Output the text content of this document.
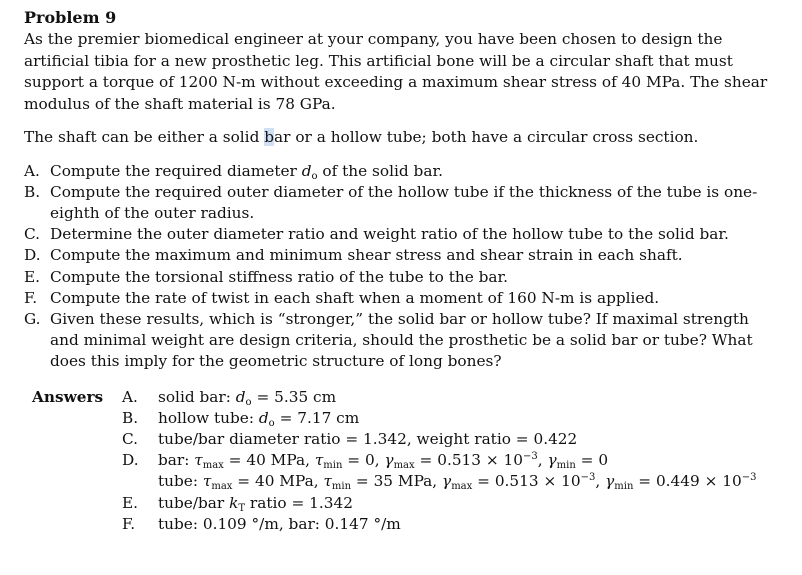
Problem 9

As the premier biomedical engineer at your company, you have been chosen to design the artificial tibia for a new prosthetic leg. This artificial bone will be a circular shaft that must support a torque of 1200 N-m without exceeding a maximum shear stress of 40 MPa. The shear modulus of the shaft material is 78 GPa.

The shaft can be either a solid bar or a hollow tube; both have a circular cross section.

A. Compute the required diameter $d_o$ of the solid bar.
B. Compute the required outer diameter of the hollow tube if the thickness of the tube is one-eighth of the outer radius.
C. Determine the outer diameter ratio and weight ratio of the hollow tube to the solid bar.
D. Compute the maximum and minimum shear stress and shear strain in each shaft.
E. Compute the torsional stiffness ratio of the tube to the bar.
F. Compute the rate of twist in each shaft when a moment of 160 N-m is applied.
G. Given these results, which is “stronger,” the solid bar or hollow tube? If maximal strength and minimal weight are design criteria, should the prosthetic be a solid bar or tube? What does this imply for the geometric structure of long bones?
Answers	A.	solid bar: $d_o = 5.35$ cm
B.	hollow tube: $d_o = 7.17$ cm
C.	tube/bar diameter ratio = 1.342, weight ratio = 0.422
D.	bar: $\tau_{max} = 40$ MPa, $\tau_{min} = 0$, $\gamma_{max} = 0.513 \times 10^{-3}$, $\gamma_{min} = 0$
tube: $\tau_{max} = 40$ MPa, $\tau_{min} = 35$ MPa, $\gamma_{max} = 0.513 \times 10^{-3}$, $\gamma_{min} = 0.449 \times 10^{-3}$
E.	tube/bar $k_T$ ratio = 1.342
F.	tube: 0.109 °/m, bar: 0.147 °/m
